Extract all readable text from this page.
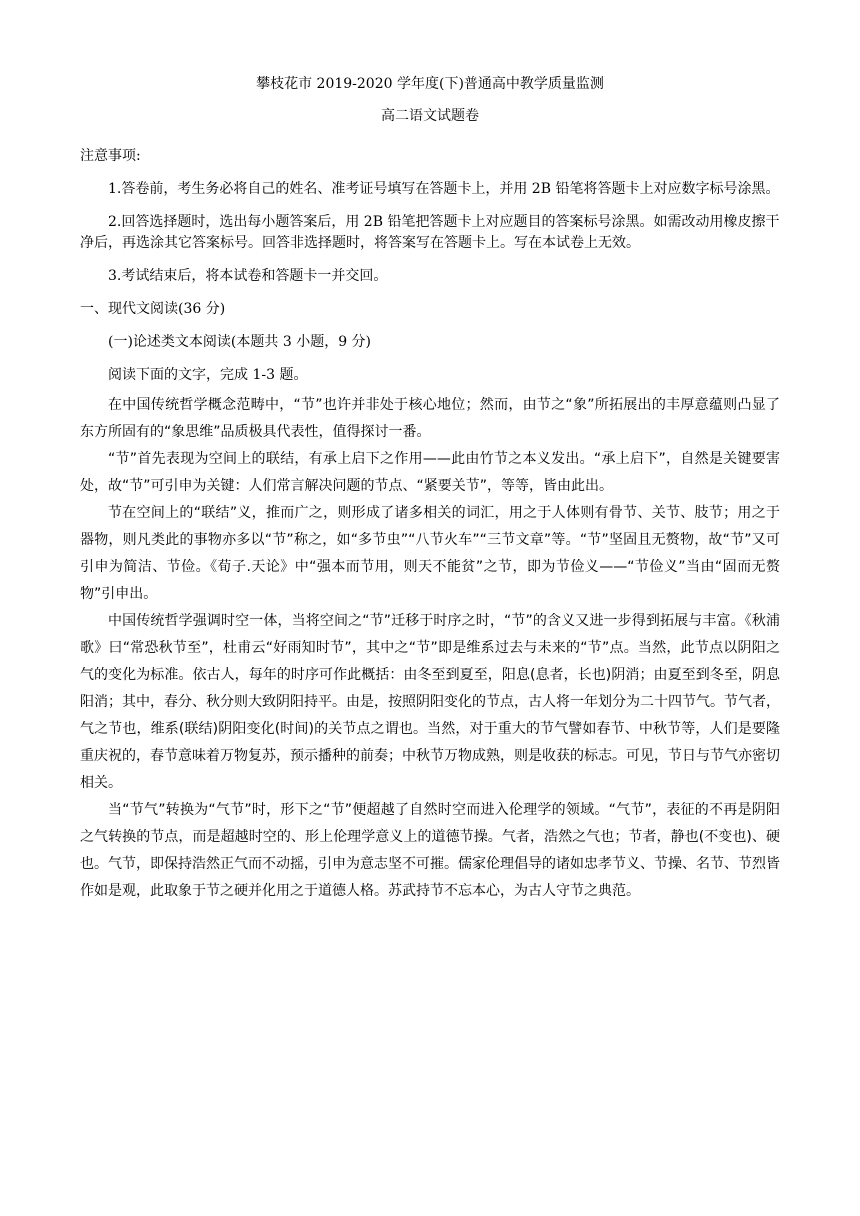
攀枝花市 2019-2020 学年度(下)普通高中教学质量监测
高二语文试题卷

注意事项:

1.答卷前，考生务必将自己的姓名、准考证号填写在答题卡上，并用 2B 铅笔将答题卡上对应数字标号涂黑。

2.回答选择题时，选出每小题答案后，用 2B 铅笔把答题卡上对应题目的答案标号涂黑。如需改动用橡皮擦干净后，再选涂其它答案标号。回答非选择题时，将答案写在答题卡上。写在本试卷上无效。

3.考试结束后，将本试卷和答题卡一并交回。

一、现代文阅读(36 分)

(一)论述类文本阅读(本题共 3 小题，9 分)

阅读下面的文字，完成 1-3 题。

在中国传统哲学概念范畴中，“节”也许并非处于核心地位；然而，由节之“象”所拓展出的丰厚意蕴则凸显了东方所固有的“象思维”品质极具代表性，值得探讨一番。

“节”首先表现为空间上的联结，有承上启下之作用——此由竹节之本义发出。“承上启下”，自然是关键要害处，故“节”可引申为关键：人们常言解决问题的节点、“紧要关节”，等等，皆由此出。

节在空间上的“联结”义，推而广之，则形成了诸多相关的词汇，用之于人体则有骨节、关节、肢节；用之于器物，则凡类此的事物亦多以“节”称之，如“多节虫”“八节火车”“三节文章”等。“节”坚固且无赘物，故“节”又可引申为简洁、节俭。《荀子.天论》中“强本而节用，则天不能贫”之节，即为节俭义——“节俭义”当由“固而无赘物”引申出。

中国传统哲学强调时空一体，当将空间之“节”迁移于时序之时，“节”的含义又进一步得到拓展与丰富。《秋浦歌》曰“常恐秋节至”，杜甫云“好雨知时节”，其中之“节”即是维系过去与未来的“节”点。当然，此节点以阴阳之气的变化为标准。依古人，每年的时序可作此概括：由冬至到夏至，阳息(息者，长也)阴消；由夏至到冬至，阴息阳消；其中，春分、秋分则大致阴阳持平。由是，按照阴阳变化的节点，古人将一年划分为二十四节气。节气者，气之节也，维系(联结)阴阳变化(时间)的关节点之谓也。当然，对于重大的节气譬如春节、中秋节等，人们是要隆重庆祝的，春节意味着万物复苏，预示播种的前奏；中秋节万物成熟，则是收获的标志。可见，节日与节气亦密切相关。

当“节气”转换为“气节”时，形下之“节”便超越了自然时空而进入伦理学的领域。“气节”，表征的不再是阴阳之气转换的节点，而是超越时空的、形上伦理学意义上的道德节操。气者，浩然之气也；节者，静也(不变也)、硬也。气节，即保持浩然正气而不动摇，引申为意志坚不可摧。儒家伦理倡导的诸如忠孝节义、节操、名节、节烈皆作如是观，此取象于节之硬并化用之于道德人格。苏武持节不忘本心，为古人守节之典范。
